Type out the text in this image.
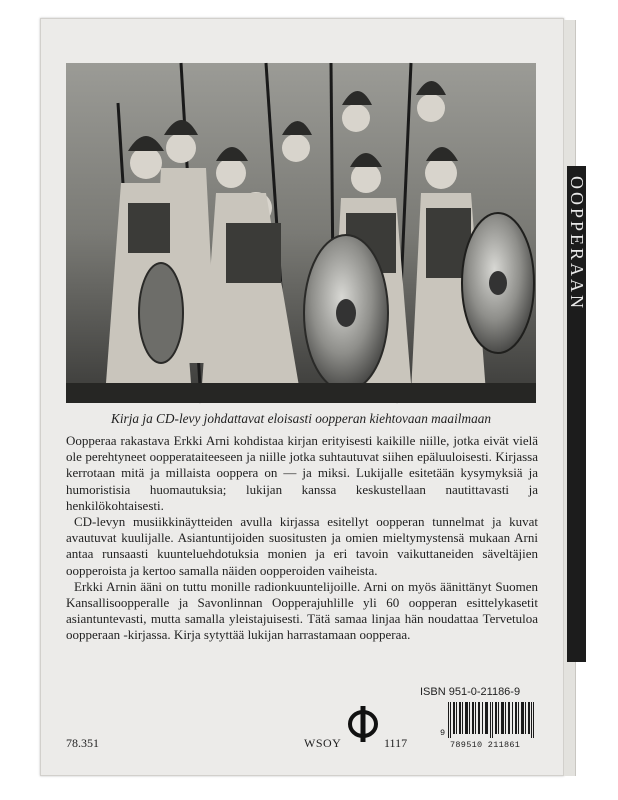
OOPPERAAN
Kirja ja CD-levy johdattavat eloisasti oopperan kiehtovaan maailmaan

Oopperaa rakastava Erkki Arni kohdistaa kirjan erityisesti kaikille niille, jotka eivät vielä ole perehtyneet oopperataiteeseen ja niille jotka suhtautuvat siihen epäluuloisesti. Kirjassa kerrotaan mitä ja millaista ooppera on — ja miksi. Lukijalle esitetään kysymyksiä ja humoristisia huomautuksia; lukijan kanssa keskustellaan nautittavasti ja henkilökohtaisesti.

CD-levyn musiikkinäytteiden avulla kirjassa esitellyt oopperan tunnelmat ja kuvat avautuvat kuulijalle. Asiantuntijoiden suositusten ja omien mieltymystensä mukaan Arni antaa runsaasti kuunteluehdotuksia monien ja eri tavoin vaikuttaneiden säveltäjien oopperoista ja kertoo samalla näiden oopperoiden vaiheista.

Erkki Arnin ääni on tuttu monille radionkuuntelijoille. Arni on myös äänittänyt Suomen Kansallisoopperalle ja Savonlinnan Oopperajuhlille yli 60 oopperan esittelykasetit asiantuntevasti, mutta samalla yleistajuisesti. Tätä samaa linjaa hän noudattaa Tervetuloa oopperaan -kirjassa. Kirja sytyttää lukijan harrastamaan oopperaa.

ISBN 951-0-21186-9
9
789510 211861
78.351	WSOY	1117
